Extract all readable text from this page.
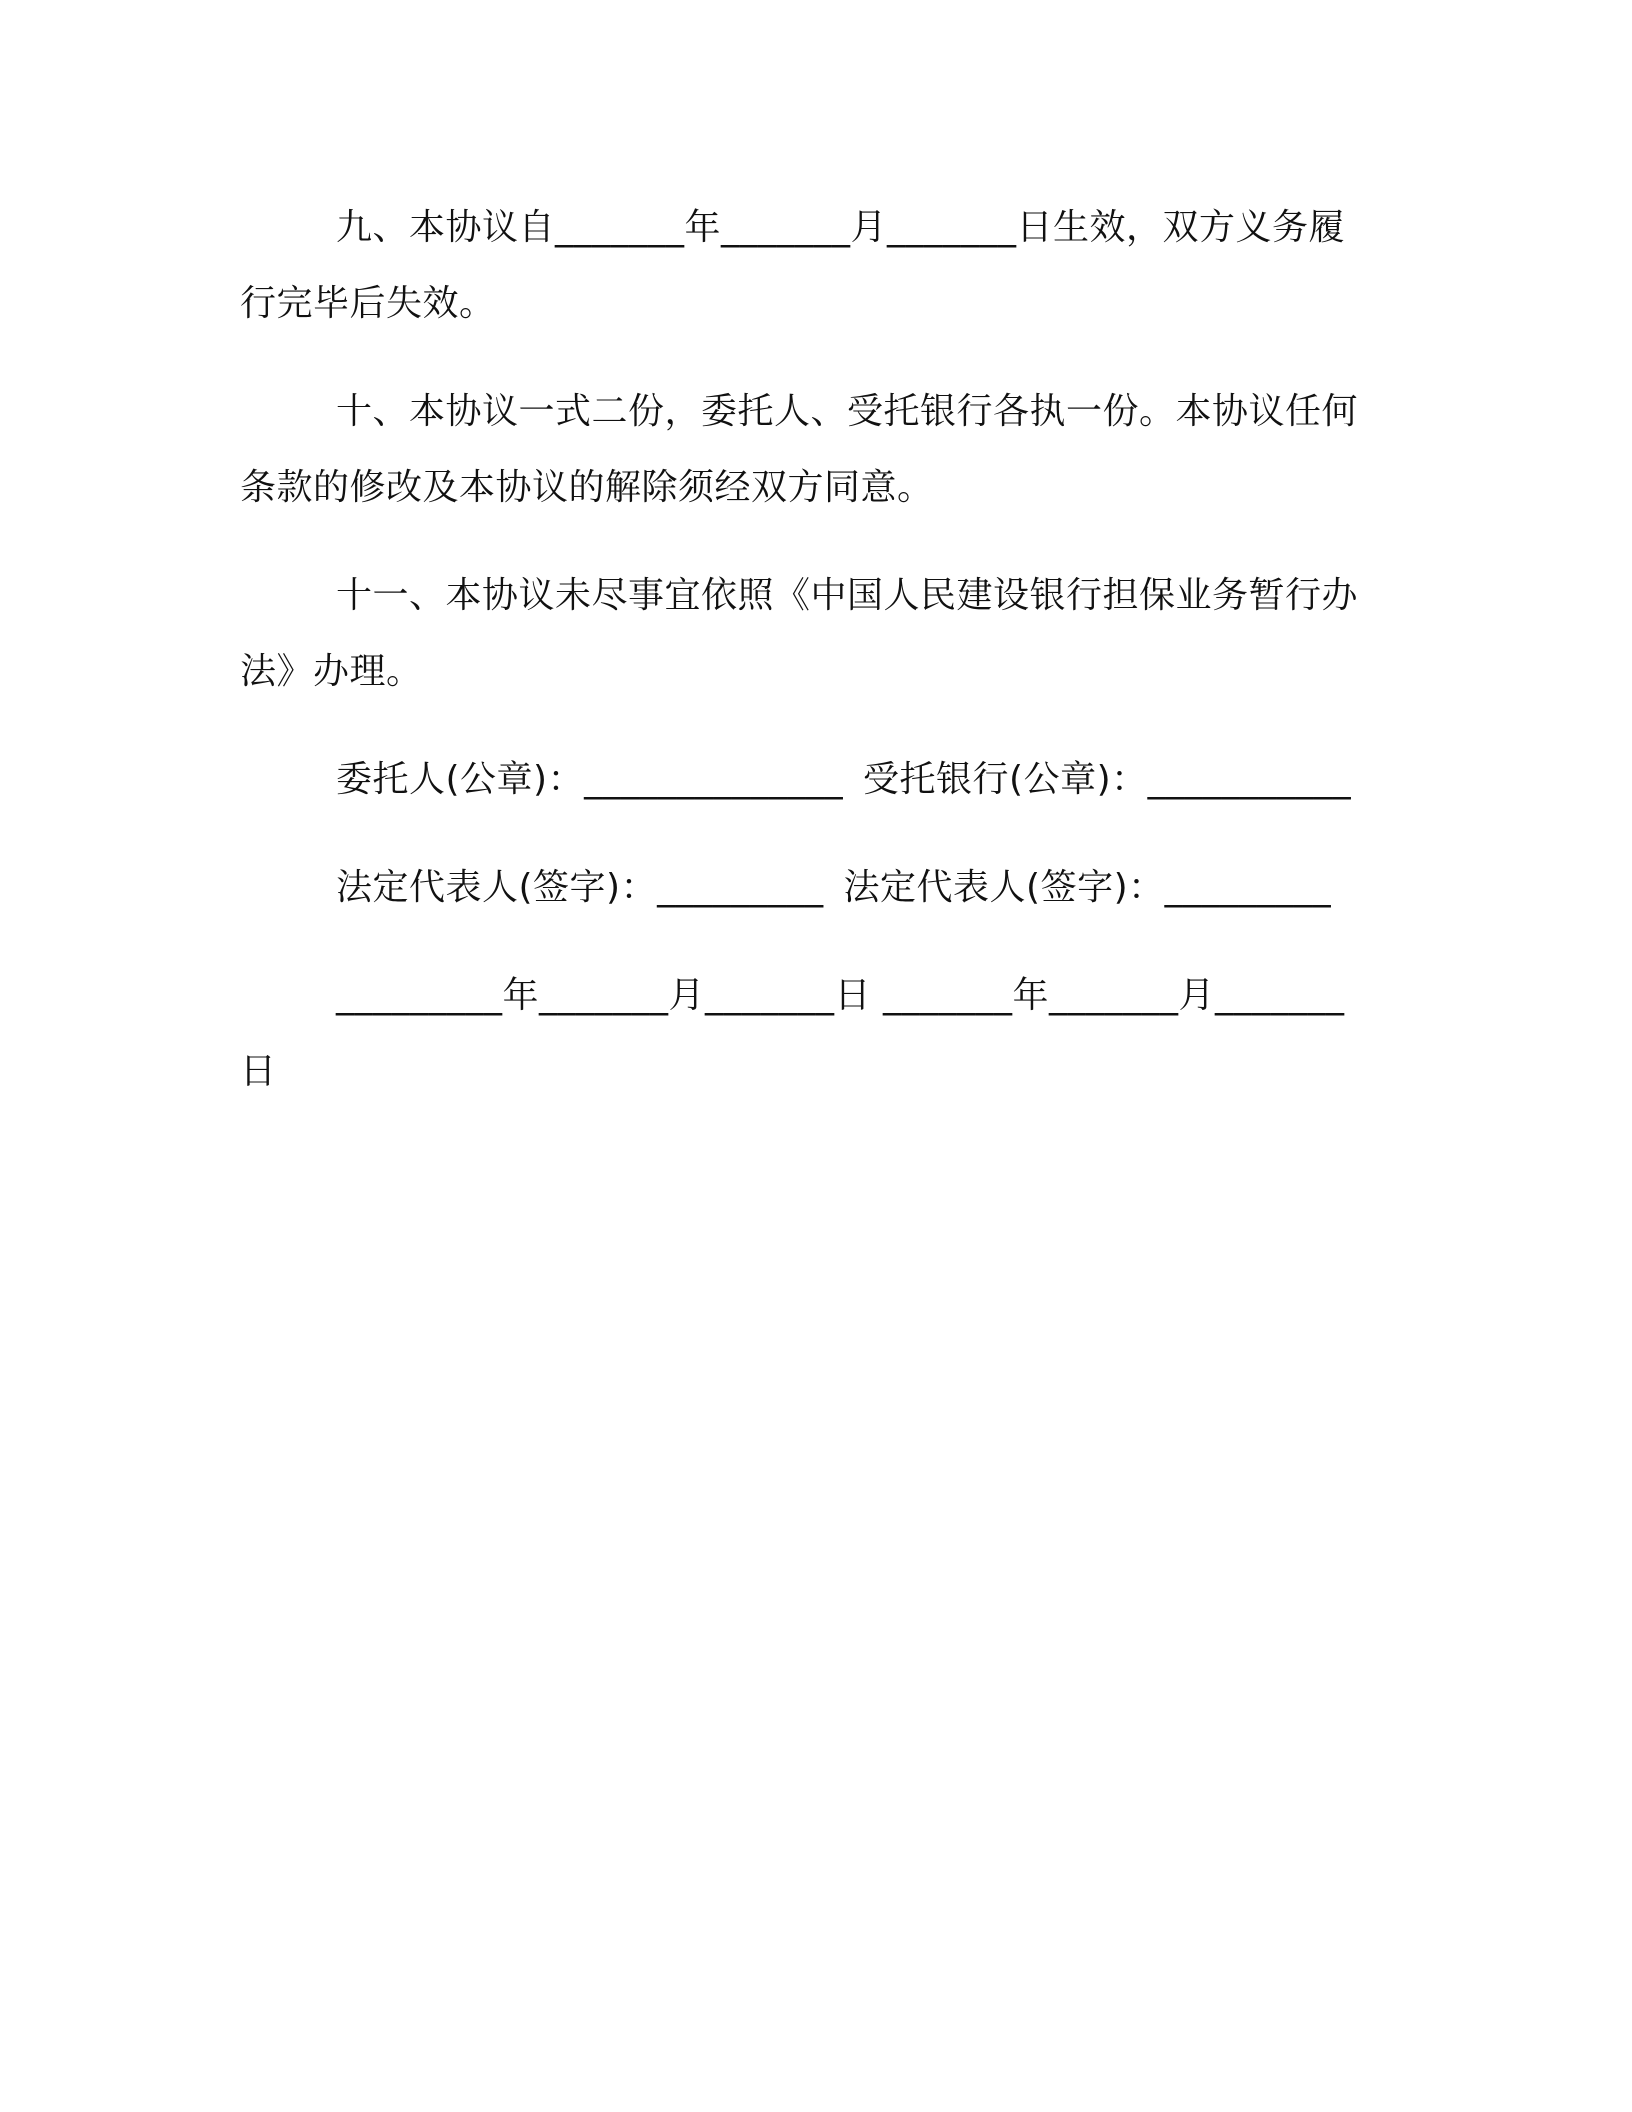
九、本协议自_______年_______月_______日生效，双方义务履行完毕后失效。

十、本协议一式二份，委托人、受托银行各执一份。本协议任何条款的修改及本协议的解除须经双方同意。

十一、本协议未尽事宜依照《中国人民建设银行担保业务暂行办法》办理。

委托人(公章)：______________ 受托银行(公章)：___________
法定代表人(签字)：_________ 法定代表人(签字)：_________

_________年_______月_______日 _______年_______月_______日
